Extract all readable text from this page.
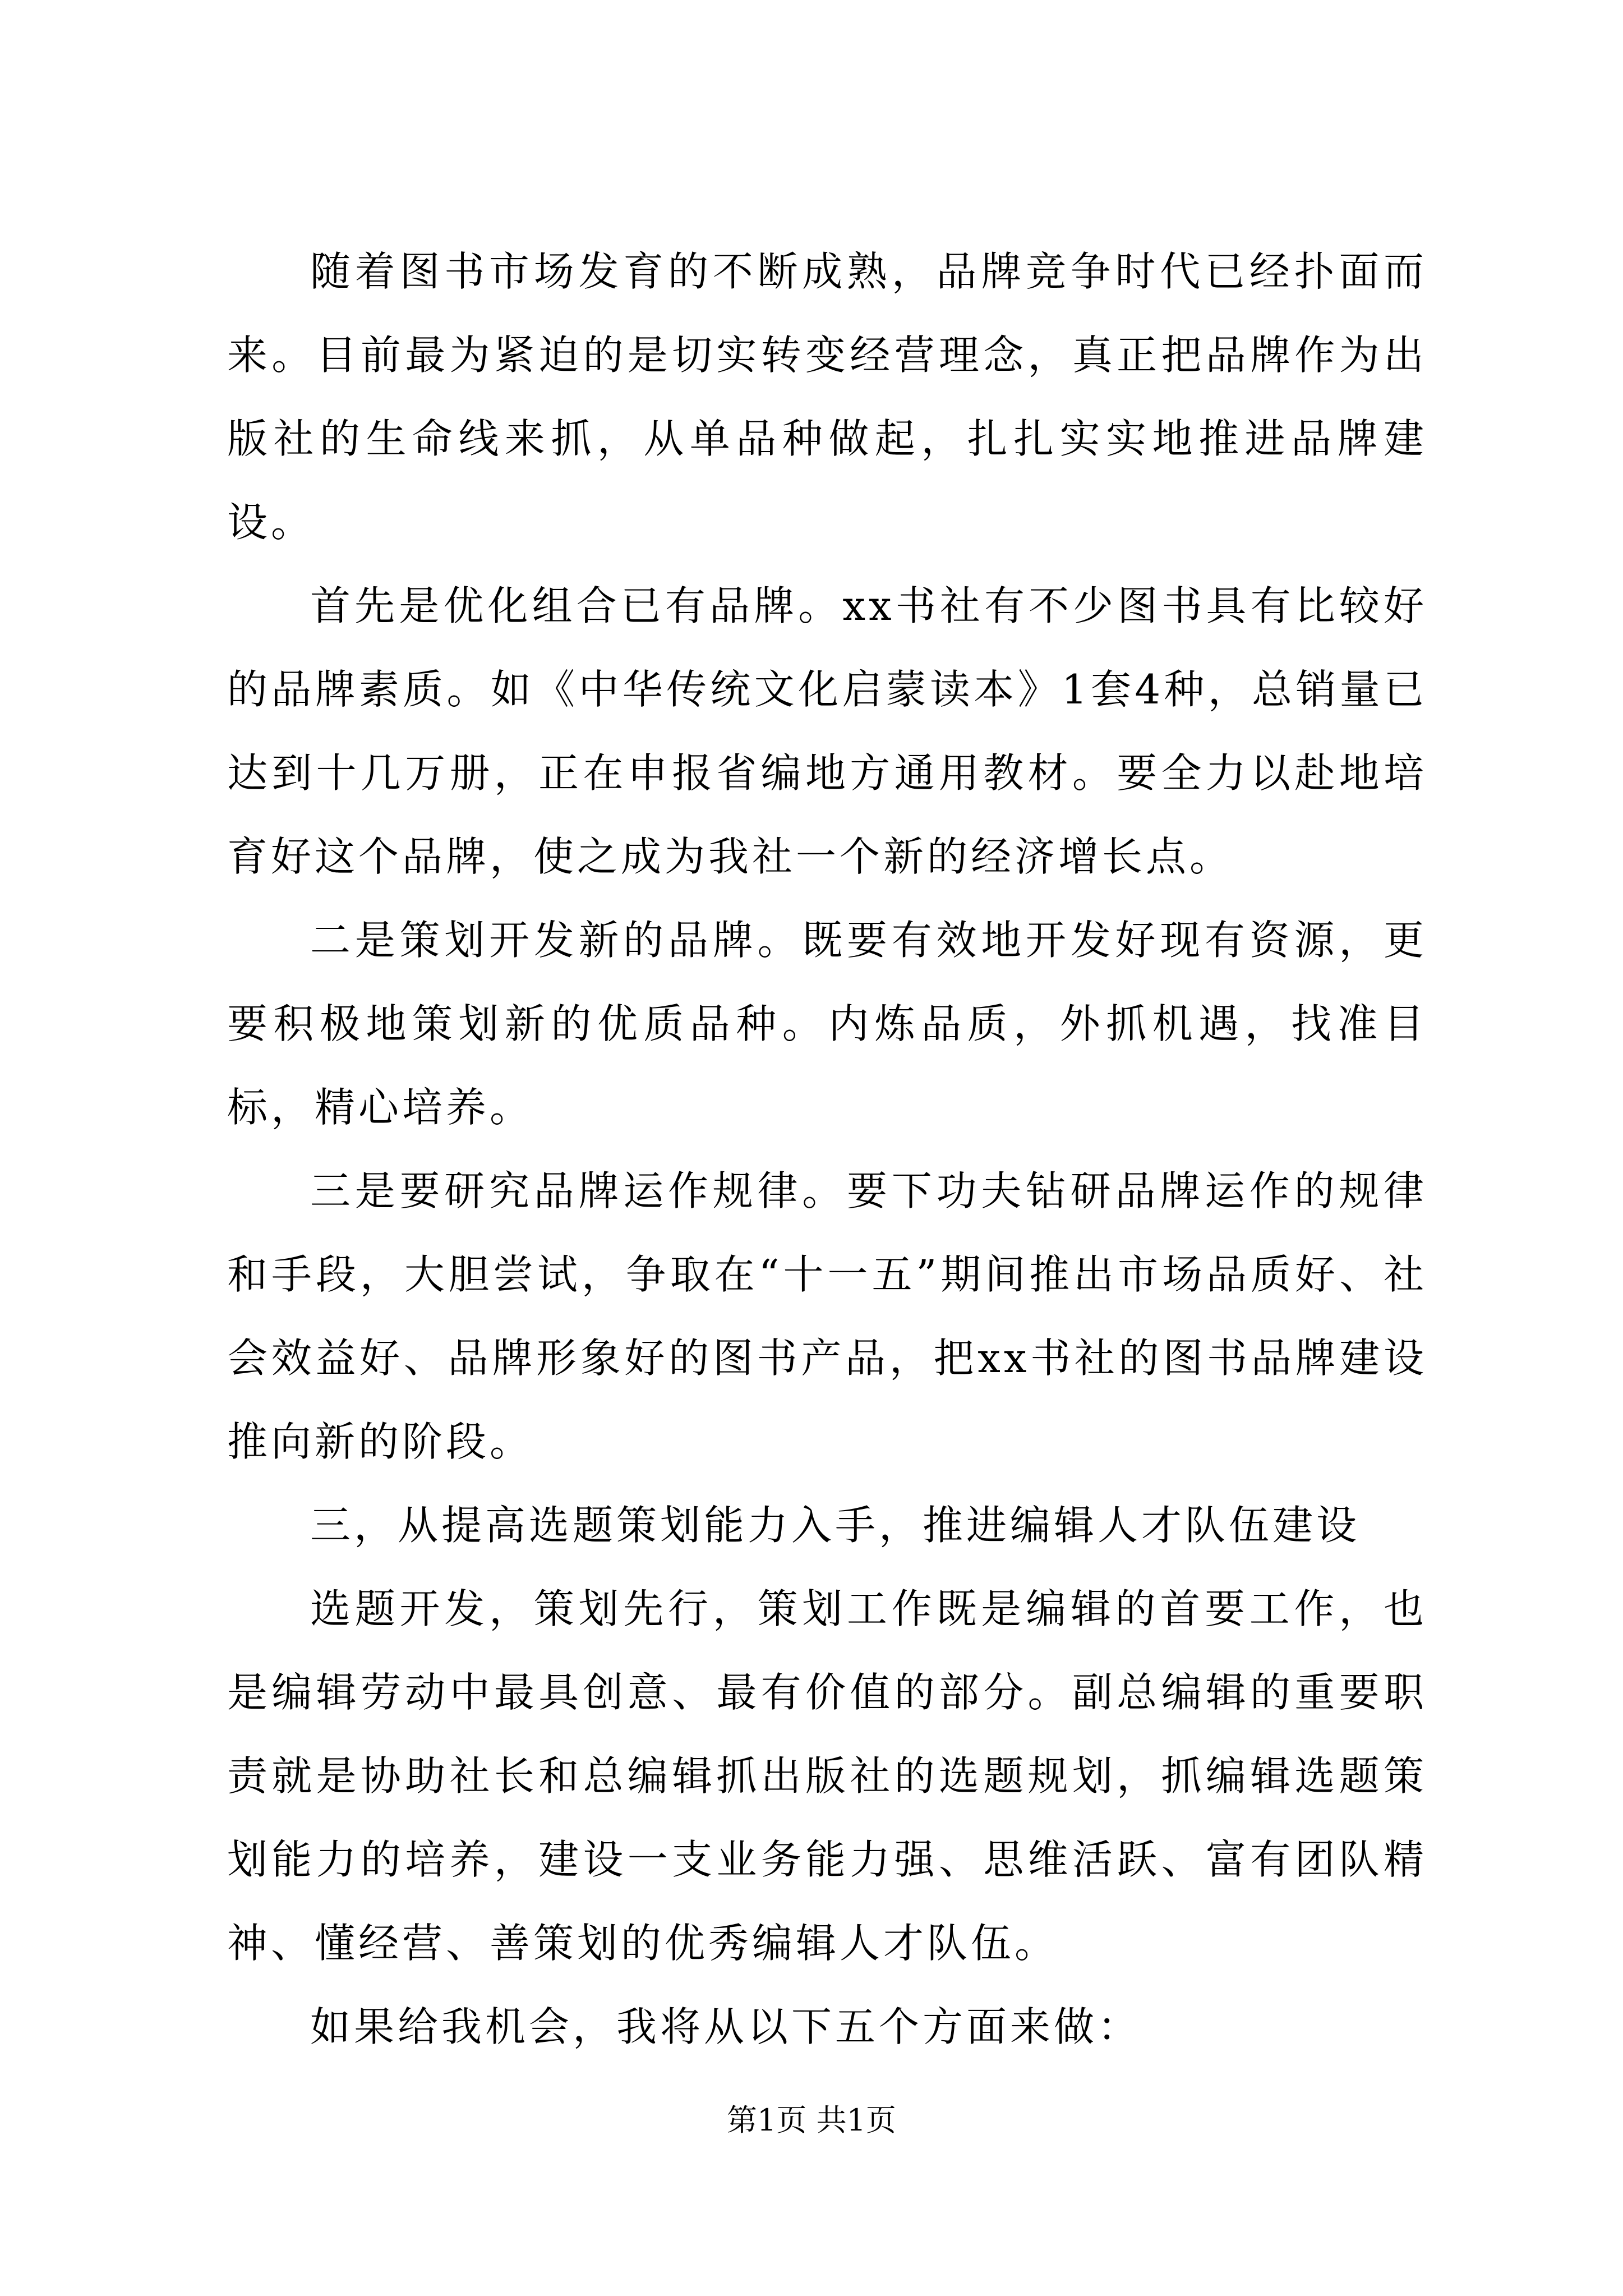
随着图书市场发育的不断成熟，品牌竞争时代已经扑面而来。目前最为紧迫的是切实转变经营理念，真正把品牌作为出版社的生命线来抓，从单品种做起，扎扎实实地推进品牌建设。

首先是优化组合已有品牌。xx书社有不少图书具有比较好的品牌素质。如《中华传统文化启蒙读本》1套4种，总销量已达到十几万册，正在申报省编地方通用教材。要全力以赴地培育好这个品牌，使之成为我社一个新的经济增长点。

二是策划开发新的品牌。既要有效地开发好现有资源，更要积极地策划新的优质品种。内炼品质，外抓机遇，找准目标，精心培养。

三是要研究品牌运作规律。要下功夫钻研品牌运作的规律和手段，大胆尝试，争取在“十一五”期间推出市场品质好、社会效益好、品牌形象好的图书产品，把xx书社的图书品牌建设推向新的阶段。

三，从提高选题策划能力入手，推进编辑人才队伍建设

选题开发，策划先行，策划工作既是编辑的首要工作，也是编辑劳动中最具创意、最有价值的部分。副总编辑的重要职责就是协助社长和总编辑抓出版社的选题规划，抓编辑选题策划能力的培养，建设一支业务能力强、思维活跃、富有团队精神、懂经营、善策划的优秀编辑人才队伍。

如果给我机会，我将从以下五个方面来做：

第1页 共1页
